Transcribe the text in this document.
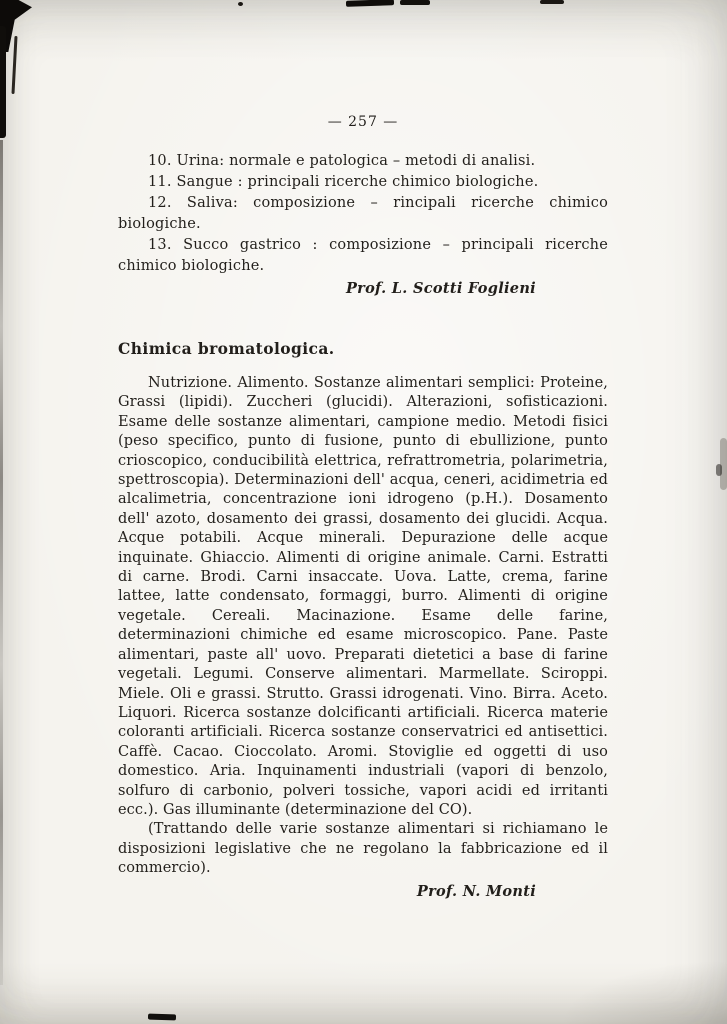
— 257 —

10. Urina: normale e patologica – metodi di analisi.

11. Sangue : principali ricerche chimico biologiche.

12. Saliva: composizione – rincipali ricerche chimico biologiche.

13. Succo gastrico : composizione – principali ricerche chimico biologiche.

Prof. L. Scotti Foglieni

Chimica bromatologica.

Nutrizione. Alimento. Sostanze alimentari semplici: Proteine, Grassi (lipidi). Zuccheri (glucidi). Alterazioni, sofisticazioni. Esame delle sostanze alimentari, campione medio. Metodi fisici (peso specifico, punto di fusione, punto di ebullizione, punto crioscopico, conducibilità elettrica, refrattrometria, polarimetria, spettroscopia). Determinazioni dell' acqua, ceneri, acidimetria ed alcalimetria, concentrazione ioni idrogeno (p.H.). Dosamento dell' azoto, dosamento dei grassi, dosamento dei glucidi. Acqua. Acque potabili. Acque minerali. Depurazione delle acque inquinate. Ghiaccio. Alimenti di origine animale. Carni. Estratti di carne. Brodi. Carni insaccate. Uova. Latte, crema, farine lattee, latte condensato, formaggi, burro. Alimenti di origine vegetale. Cereali. Macinazione. Esame delle farine, determinazioni chimiche ed esame microscopico. Pane. Paste alimentari, paste all' uovo. Preparati dietetici a base di farine vegetali. Legumi. Conserve alimentari. Marmellate. Sciroppi. Miele. Oli e grassi. Strutto. Grassi idrogenati. Vino. Birra. Aceto. Liquori. Ricerca sostanze dolcificanti artificiali. Ricerca materie coloranti artificiali. Ricerca sostanze conservatrici ed antisettici. Caffè. Cacao. Cioccolato. Aromi. Stoviglie ed oggetti di uso domestico. Aria. Inquinamenti industriali (vapori di benzolo, solfuro di carbonio, polveri tossiche, vapori acidi ed irritanti ecc.). Gas illuminante (determinazione del CO).

(Trattando delle varie sostanze alimentari si richiamano le disposizioni legislative che ne regolano la fabbricazione ed il commercio).

Prof. N. Monti
